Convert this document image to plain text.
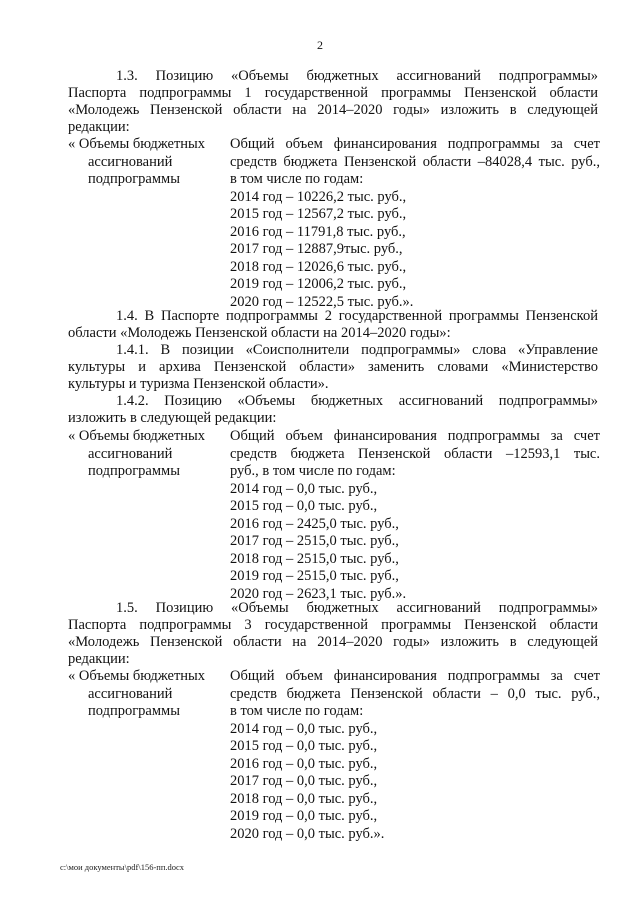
2
1.3. Позицию «Объемы бюджетных ассигнований подпрограммы»
Паспорта подпрограммы 1 государственной программы Пензенской области
«Молодежь Пензенской области на 2014–2020 годы» изложить в следующей
редакции:
« Объемы бюджетных
ассигнований
подпрограммы
Общий объем финансирования подпрограммы за счет
средств бюджета Пензенской области –84028,4 тыс. руб.,
в том числе по годам:
2014 год – 10226,2 тыс. руб.,
2015 год – 12567,2 тыс. руб.,
2016 год – 11791,8 тыс. руб.,
2017 год – 12887,9тыс. руб.,
2018 год – 12026,6 тыс. руб.,
2019 год – 12006,2 тыс. руб.,
2020 год – 12522,5 тыс. руб.».
1.4. В Паспорте подпрограммы 2 государственной программы Пензенской
области «Молодежь Пензенской области на 2014–2020 годы»:
1.4.1. В позиции «Соисполнители подпрограммы» слова «Управление
культуры и архива Пензенской области» заменить словами «Министерство
культуры и туризма Пензенской области».
1.4.2. Позицию «Объемы бюджетных ассигнований подпрограммы»
изложить в следующей редакции:
« Объемы бюджетных
ассигнований
подпрограммы
Общий объем финансирования подпрограммы за счет
средств бюджета Пензенской области –12593,1 тыс.
руб., в том числе по годам:
2014 год – 0,0 тыс. руб.,
2015 год – 0,0 тыс. руб.,
2016 год – 2425,0 тыс. руб.,
2017 год – 2515,0 тыс. руб.,
2018 год – 2515,0 тыс. руб.,
2019 год – 2515,0 тыс. руб.,
2020 год – 2623,1 тыс. руб.».
1.5. Позицию «Объемы бюджетных ассигнований подпрограммы»
Паспорта подпрограммы 3 государственной программы Пензенской области
«Молодежь Пензенской области на 2014–2020 годы» изложить в следующей
редакции:
« Объемы бюджетных
ассигнований
подпрограммы
Общий объем финансирования подпрограммы за счет
средств бюджета Пензенской области – 0,0 тыс. руб.,
в том числе по годам:
2014 год – 0,0 тыс. руб.,
2015 год – 0,0 тыс. руб.,
2016 год – 0,0 тыс. руб.,
2017 год – 0,0 тыс. руб.,
2018 год – 0,0 тыс. руб.,
2019 год – 0,0 тыс. руб.,
2020 год – 0,0 тыс. руб.».
c:\мои документы\pdf\156-пп.docx
